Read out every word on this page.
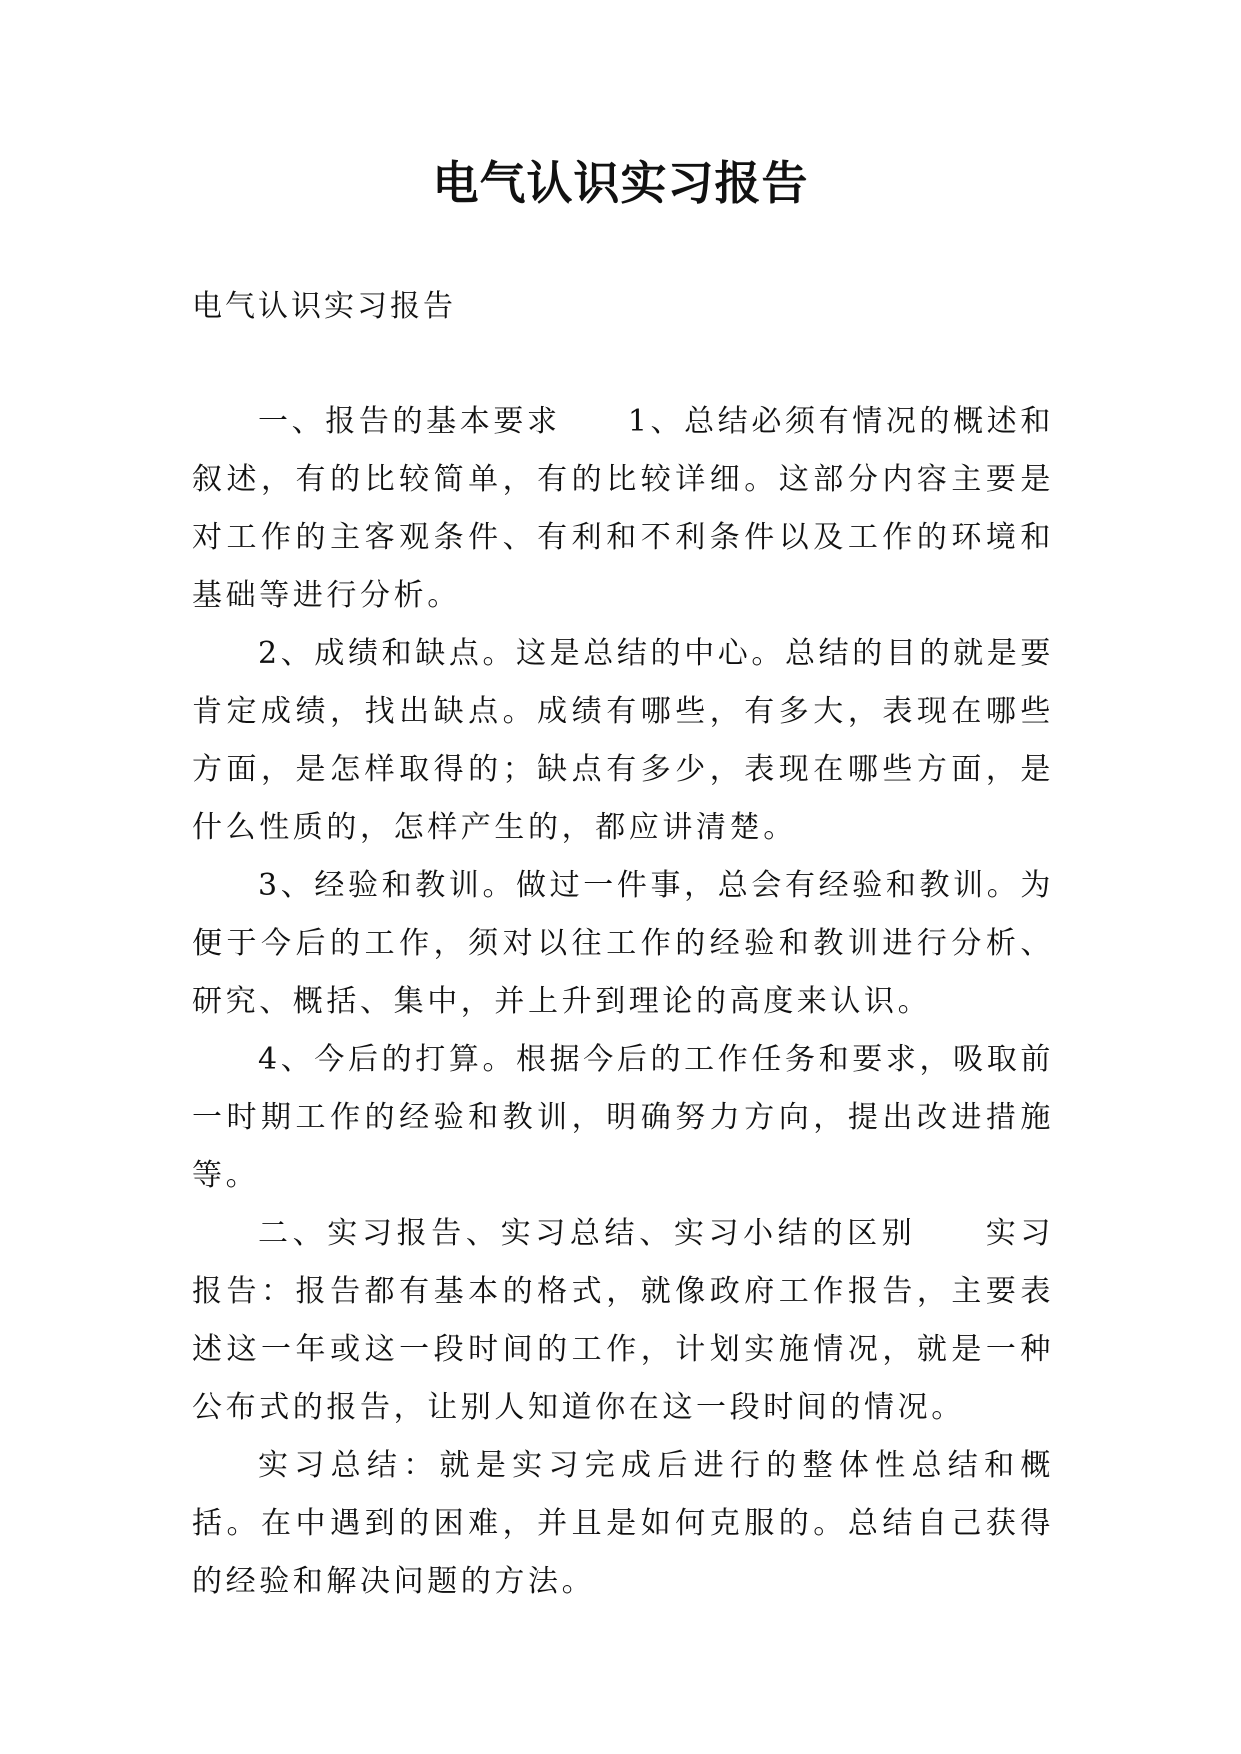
电气认识实习报告

电气认识实习报告

一、报告的基本要求　　1、总结必须有情况的概述和叙述，有的比较简单，有的比较详细。这部分内容主要是对工作的主客观条件、有利和不利条件以及工作的环境和基础等进行分析。

2、成绩和缺点。这是总结的中心。总结的目的就是要肯定成绩，找出缺点。成绩有哪些，有多大，表现在哪些方面，是怎样取得的；缺点有多少，表现在哪些方面，是什么性质的，怎样产生的，都应讲清楚。

3、经验和教训。做过一件事，总会有经验和教训。为便于今后的工作，须对以往工作的经验和教训进行分析、研究、概括、集中，并上升到理论的高度来认识。

4、今后的打算。根据今后的工作任务和要求，吸取前一时期工作的经验和教训，明确努力方向，提出改进措施等。

二、实习报告、实习总结、实习小结的区别　　实习报告：报告都有基本的格式，就像政府工作报告，主要表述这一年或这一段时间的工作，计划实施情况，就是一种公布式的报告，让别人知道你在这一段时间的情况。

实习总结：就是实习完成后进行的整体性总结和概括。在中遇到的困难，并且是如何克服的。总结自己获得的经验和解决问题的方法。
